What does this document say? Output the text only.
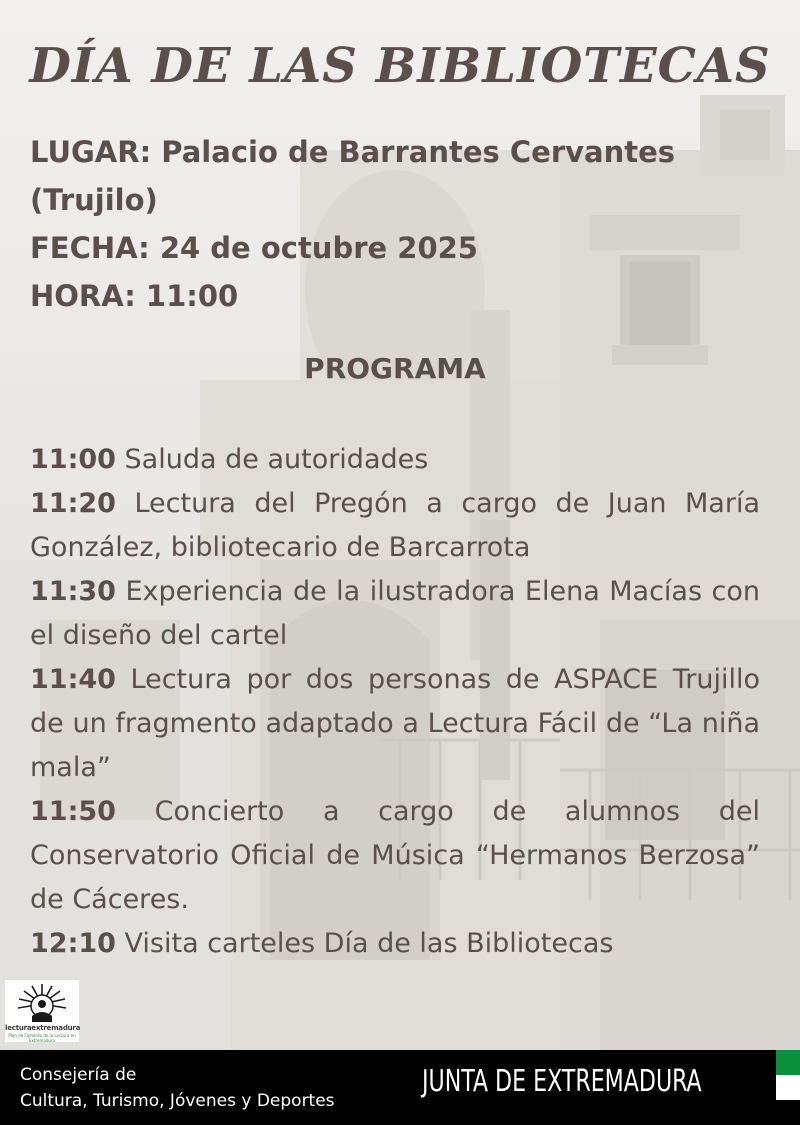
DÍA DE LAS BIBLIOTECAS
LUGAR: Palacio de Barrantes Cervantes
(Trujilo)
FECHA: 24 de octubre 2025
HORA: 11:00
PROGRAMA
11:00 Saluda de autoridades
11:20 Lectura del Pregón a cargo de Juan María González, bibliotecario de Barcarrota
11:30 Experiencia de la ilustradora Elena Macías con el diseño del cartel
11:40 Lectura por dos personas de ASPACE Trujillo de un fragmento adaptado a Lectura Fácil de “La niña mala”
11:50 Concierto a cargo de alumnos del Conservatorio Oficial de Música “Hermanos Berzosa” de Cáceres.
12:10 Visita carteles Día de las Bibliotecas
lecturaextremadura
Plan de Fomento de la Lectura en Extremadura
Consejería de
Cultura, Turismo, Jóvenes y Deportes
JUNTA DE EXTREMADURA
